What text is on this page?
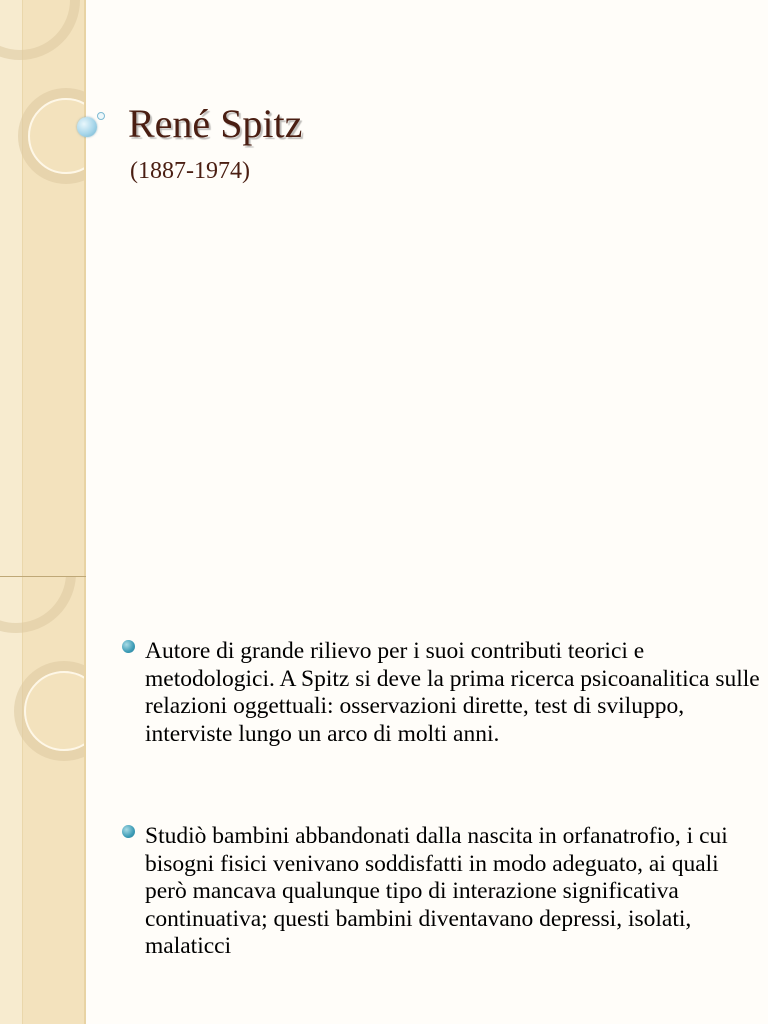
René Spitz
(1887-1974)
Autore di grande rilievo per i suoi contributi teorici e metodologici. A Spitz si deve la prima ricerca psicoanalitica sulle relazioni oggettuali: osservazioni dirette, test di sviluppo, interviste lungo un arco di molti anni.
Studiò bambini abbandonati dalla nascita in orfanatrofio, i cui bisogni fisici venivano soddisfatti in modo adeguato, ai quali però mancava qualunque tipo di interazione significativa continuativa; questi bambini diventavano depressi, isolati, malaticci
